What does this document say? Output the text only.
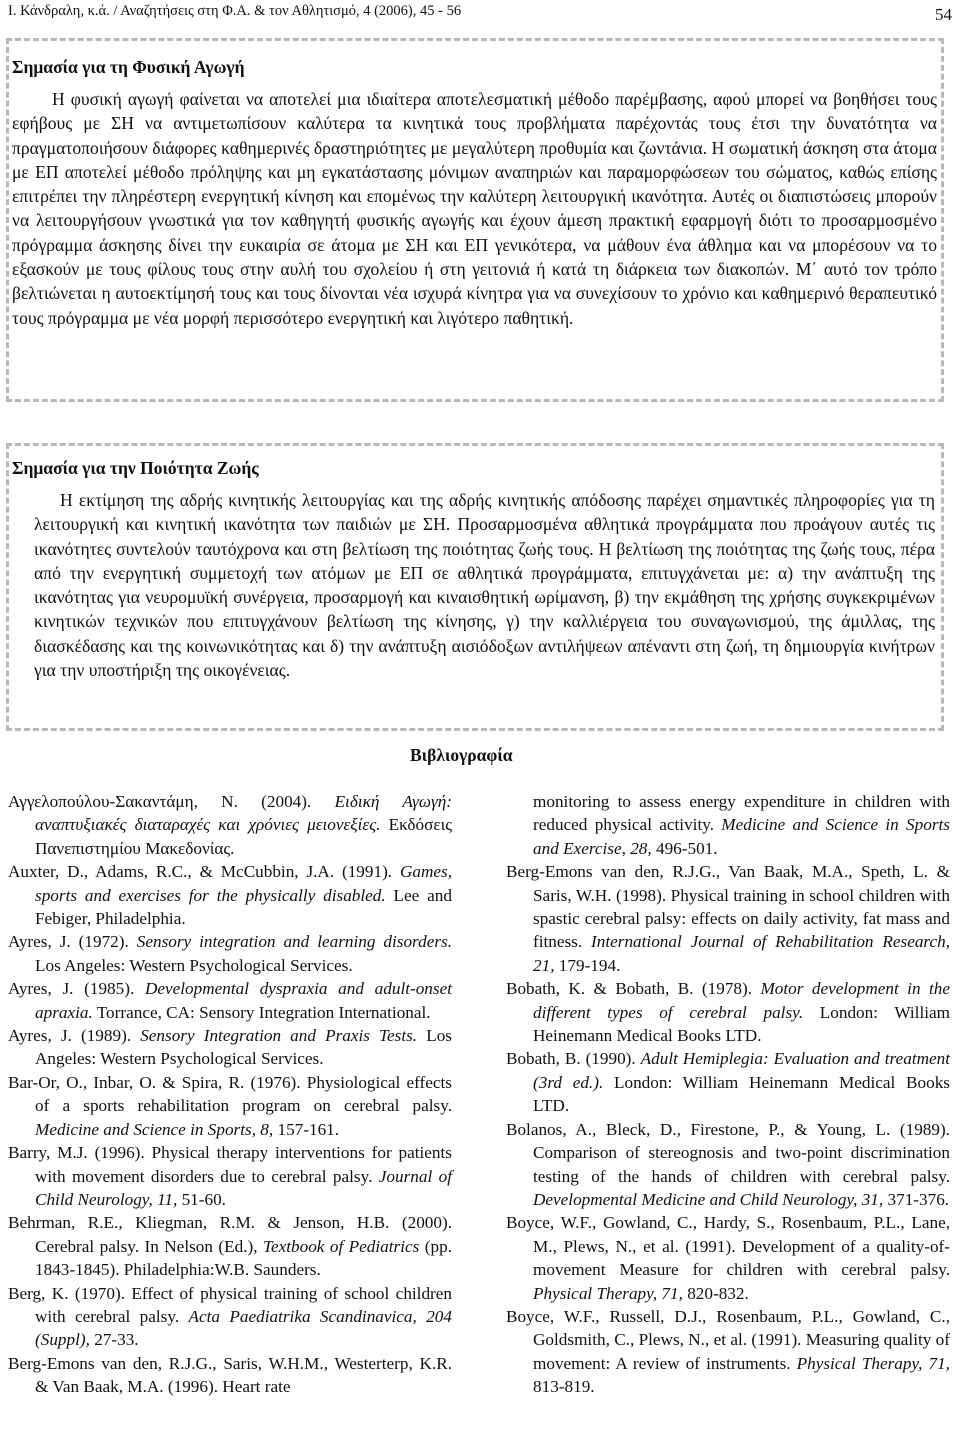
Ι. Κάνδραλη, κ.ά. / Αναζητήσεις στη Φ.Α. & τον Αθλητισμό, 4 (2006), 45 - 56	54
Σημασία για τη Φυσική Αγωγή

Η φυσική αγωγή φαίνεται να αποτελεί μια ιδιαίτερα αποτελεσματική μέθοδο παρέμβασης, αφού μπορεί να βοηθήσει τους εφήβους με ΣΗ να αντιμετωπίσουν καλύτερα τα κινητικά τους προβλήματα παρέχοντάς τους έτσι την δυνατότητα να πραγματοποιήσουν διάφορες καθημερινές δραστηριότητες με μεγαλύτερη προθυμία και ζωντάνια. Η σωματική άσκηση στα άτομα με ΕΠ αποτελεί μέθοδο πρόληψης και μη εγκατάστασης μόνιμων αναπηριών και παραμορφώσεων του σώματος, καθώς επίσης επιτρέπει την πληρέστερη ενεργητική κίνηση και επομένως την καλύτερη λειτουργική ικανότητα. Αυτές οι διαπιστώσεις μπορούν να λειτουργήσουν γνωστικά για τον καθηγητή φυσικής αγωγής και έχουν άμεση πρακτική εφαρμογή διότι το προσαρμοσμένο πρόγραμμα άσκησης δίνει την ευκαιρία σε άτομα με ΣΗ και ΕΠ γενικότερα, να μάθουν ένα άθλημα και να μπορέσουν να το εξασκούν με τους φίλους τους στην αυλή του σχολείου ή στη γειτονιά ή κατά τη διάρκεια των διακοπών. Μ΄ αυτό τον τρόπο βελτιώνεται η αυτοεκτίμησή τους και τους δίνονται νέα ισχυρά κίνητρα για να συνεχίσουν το χρόνιο και καθημερινό θεραπευτικό τους πρόγραμμα με νέα μορφή περισσότερο ενεργητική και λιγότερο παθητική.

Σημασία για την Ποιότητα Ζωής

Η εκτίμηση της αδρής κινητικής λειτουργίας και της αδρής κινητικής απόδοσης παρέχει σημαντικές πληροφορίες για τη λειτουργική και κινητική ικανότητα των παιδιών με ΣΗ. Προσαρμοσμένα αθλητικά προγράμματα που προάγουν αυτές τις ικανότητες συντελούν ταυτόχρονα και στη βελτίωση της ποιότητας ζωής τους. Η βελτίωση της ποιότητας της ζωής τους, πέρα από την ενεργητική συμμετοχή των ατόμων με ΕΠ σε αθλητικά προγράμματα, επιτυγχάνεται με: α) την ανάπτυξη της ικανότητας για νευρομυϊκή συνέργεια, προσαρμογή και κιναισθητική ωρίμανση, β) την εκμάθηση της χρήσης συγκεκριμένων κινητικών τεχνικών που επιτυγχάνουν βελτίωση της κίνησης, γ) την καλλιέργεια του συναγωνισμού, της άμιλλας, της διασκέδασης και της κοινωνικότητας και δ) την ανάπτυξη αισιόδοξων αντιλήψεων απέναντι στη ζωή, τη δημιουργία κινήτρων για την υποστήριξη της οικογένειας.

Βιβλιογραφία
Αγγελοπούλου-Σακαντάμη, Ν. (2004). Ειδική Αγωγή: αναπτυξιακές διαταραχές και χρόνιες μειονεξίες. Εκδόσεις Πανεπιστημίου Μακεδονίας.
Auxter, D., Adams, R.C., & McCubbin, J.A. (1991). Games, sports and exercises for the physically disabled. Lee and Febiger, Philadelphia.
Ayres, J. (1972). Sensory integration and learning disorders. Los Angeles: Western Psychological Services.
Ayres, J. (1985). Developmental dyspraxia and adult-onset apraxia. Torrance, CA: Sensory Integration International.
Ayres, J. (1989). Sensory Integration and Praxis Tests. Los Angeles: Western Psychological Services.
Bar-Or, O., Inbar, O. & Spira, R. (1976). Physiological effects of a sports rehabilitation program on cerebral palsy. Medicine and Science in Sports, 8, 157-161.
Barry, M.J. (1996). Physical therapy interventions for patients with movement disorders due to cerebral palsy. Journal of Child Neurology, 11, 51-60.
Behrman, R.E., Kliegman, R.M. & Jenson, H.B. (2000). Cerebral palsy. In Nelson (Ed.), Textbook of Pediatrics (pp. 1843-1845). Philadelphia:W.B. Saunders.
Berg, K. (1970). Effect of physical training of school children with cerebral palsy. Acta Paediatrika Scandinavica, 204 (Suppl), 27-33.
Berg-Emons van den, R.J.G., Saris, W.H.M., Westerterp, K.R. & Van Baak, M.A. (1996). Heart rate
monitoring to assess energy expenditure in children with reduced physical activity. Medicine and Science in Sports and Exercise, 28, 496-501.
Berg-Emons van den, R.J.G., Van Baak, M.A., Speth, L. & Saris, W.H. (1998). Physical training in school children with spastic cerebral palsy: effects on daily activity, fat mass and fitness. International Journal of Rehabilitation Research, 21, 179-194.
Bobath, K. & Bobath, B. (1978). Motor development in the different types of cerebral palsy. London: William Heinemann Medical Books LTD.
Bobath, B. (1990). Adult Hemiplegia: Evaluation and treatment (3rd ed.). London: William Heinemann Medical Books LTD.
Bolanos, A., Bleck, D., Firestone, P., & Young, L. (1989). Comparison of stereognosis and two-point discrimination testing of the hands of children with cerebral palsy. Developmental Medicine and Child Neurology, 31, 371-376.
Boyce, W.F., Gowland, C., Hardy, S., Rosenbaum, P.L., Lane, M., Plews, N., et al. (1991). Development of a quality-of-movement Measure for children with cerebral palsy. Physical Therapy, 71, 820-832.
Boyce, W.F., Russell, D.J., Rosenbaum, P.L., Gowland, C., Goldsmith, C., Plews, N., et al. (1991). Measuring quality of movement: A review of instruments. Physical Therapy, 71, 813-819.
